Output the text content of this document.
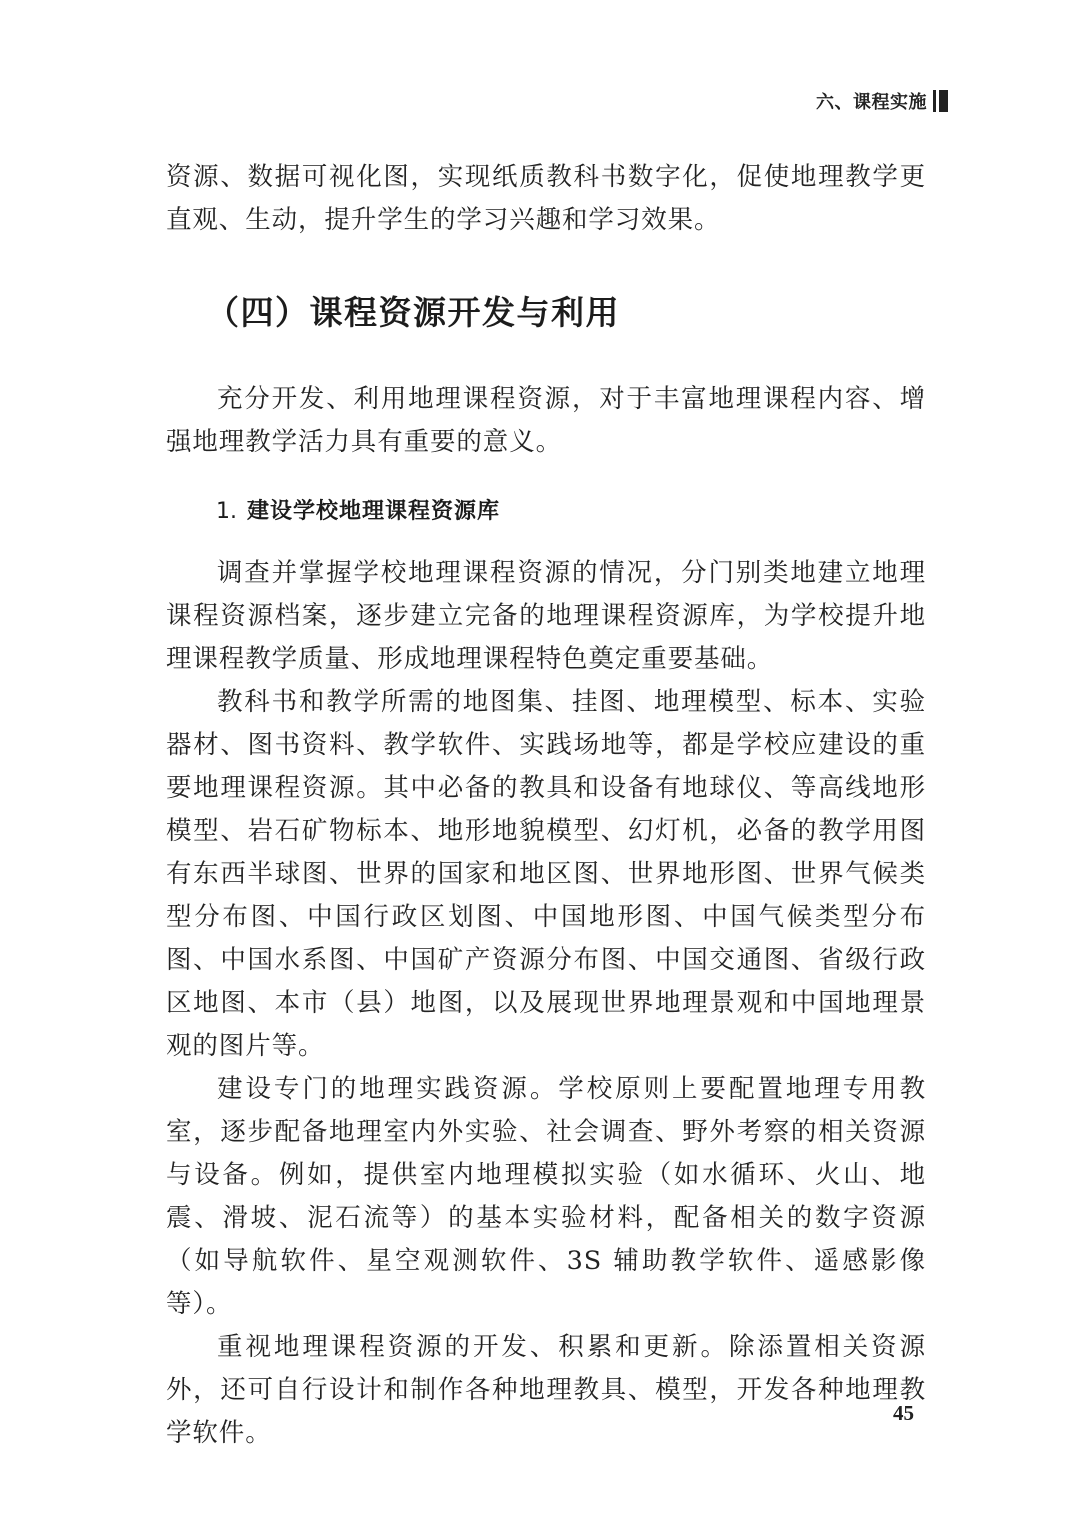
六、课程实施

资源、数据可视化图，实现纸质教科书数字化，促使地理教学更直观、生动，提升学生的学习兴趣和学习效果。

（四）课程资源开发与利用

充分开发、利用地理课程资源，对于丰富地理课程内容、增强地理教学活力具有重要的意义。

1. 建设学校地理课程资源库

调查并掌握学校地理课程资源的情况，分门别类地建立地理课程资源档案，逐步建立完备的地理课程资源库，为学校提升地理课程教学质量、形成地理课程特色奠定重要基础。

教科书和教学所需的地图集、挂图、地理模型、标本、实验器材、图书资料、教学软件、实践场地等，都是学校应建设的重要地理课程资源。其中必备的教具和设备有地球仪、等高线地形模型、岩石矿物标本、地形地貌模型、幻灯机，必备的教学用图有东西半球图、世界的国家和地区图、世界地形图、世界气候类型分布图、中国行政区划图、中国地形图、中国气候类型分布图、中国水系图、中国矿产资源分布图、中国交通图、省级行政区地图、本市（县）地图，以及展现世界地理景观和中国地理景观的图片等。

建设专门的地理实践资源。学校原则上要配置地理专用教室，逐步配备地理室内外实验、社会调查、野外考察的相关资源与设备。例如，提供室内地理模拟实验（如水循环、火山、地震、滑坡、泥石流等）的基本实验材料，配备相关的数字资源（如导航软件、星空观测软件、3S 辅助教学软件、遥感影像等）。

重视地理课程资源的开发、积累和更新。除添置相关资源外，还可自行设计和制作各种地理教具、模型，开发各种地理教学软件。

45
